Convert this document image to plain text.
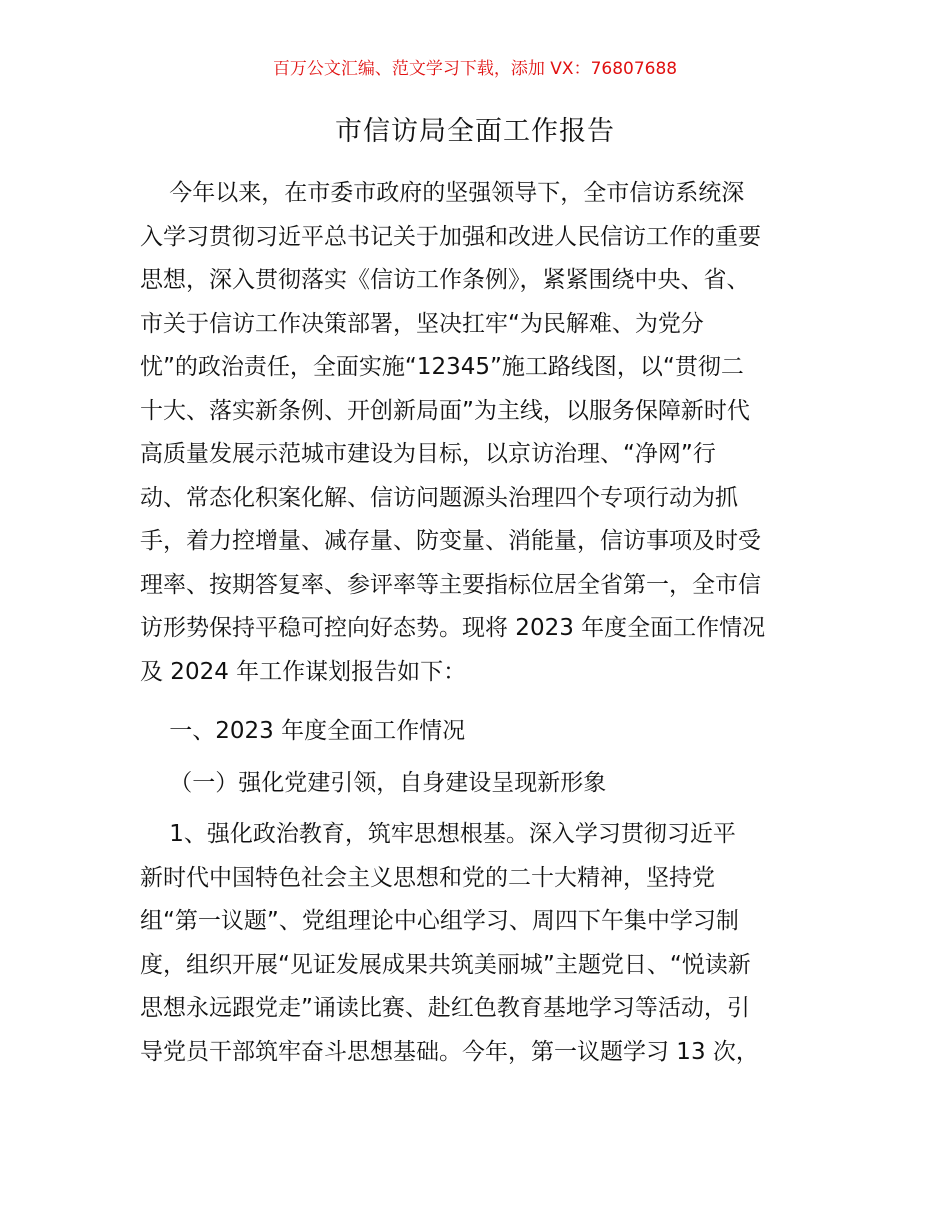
百万公文汇编、范文学习下载，添加 VX：76807688
市信访局全面工作报告
今年以来，在市委市政府的坚强领导下，全市信访系统深
入学习贯彻习近平总书记关于加强和改进人民信访工作的重要
思想，深入贯彻落实《信访工作条例》，紧紧围绕中央、省、
市关于信访工作决策部署，坚决扛牢“为民解难、为党分
忧”的政治责任，全面实施“12345”施工路线图，以“贯彻二
十大、落实新条例、开创新局面”为主线，以服务保障新时代
高质量发展示范城市建设为目标，以京访治理、“净网”行
动、常态化积案化解、信访问题源头治理四个专项行动为抓
手，着力控增量、减存量、防变量、消能量，信访事项及时受
理率、按期答复率、参评率等主要指标位居全省第一，全市信
访形势保持平稳可控向好态势。现将 2023 年度全面工作情况
及 2024 年工作谋划报告如下：
一、2023 年度全面工作情况
（一）强化党建引领，自身建设呈现新形象
1、强化政治教育，筑牢思想根基。深入学习贯彻习近平
新时代中国特色社会主义思想和党的二十大精神，坚持党
组“第一议题”、党组理论中心组学习、周四下午集中学习制
度，组织开展“见证发展成果共筑美丽城”主题党日、“悦读新
思想永远跟党走”诵读比赛、赴红色教育基地学习等活动，引
导党员干部筑牢奋斗思想基础。今年，第一议题学习 13 次，
